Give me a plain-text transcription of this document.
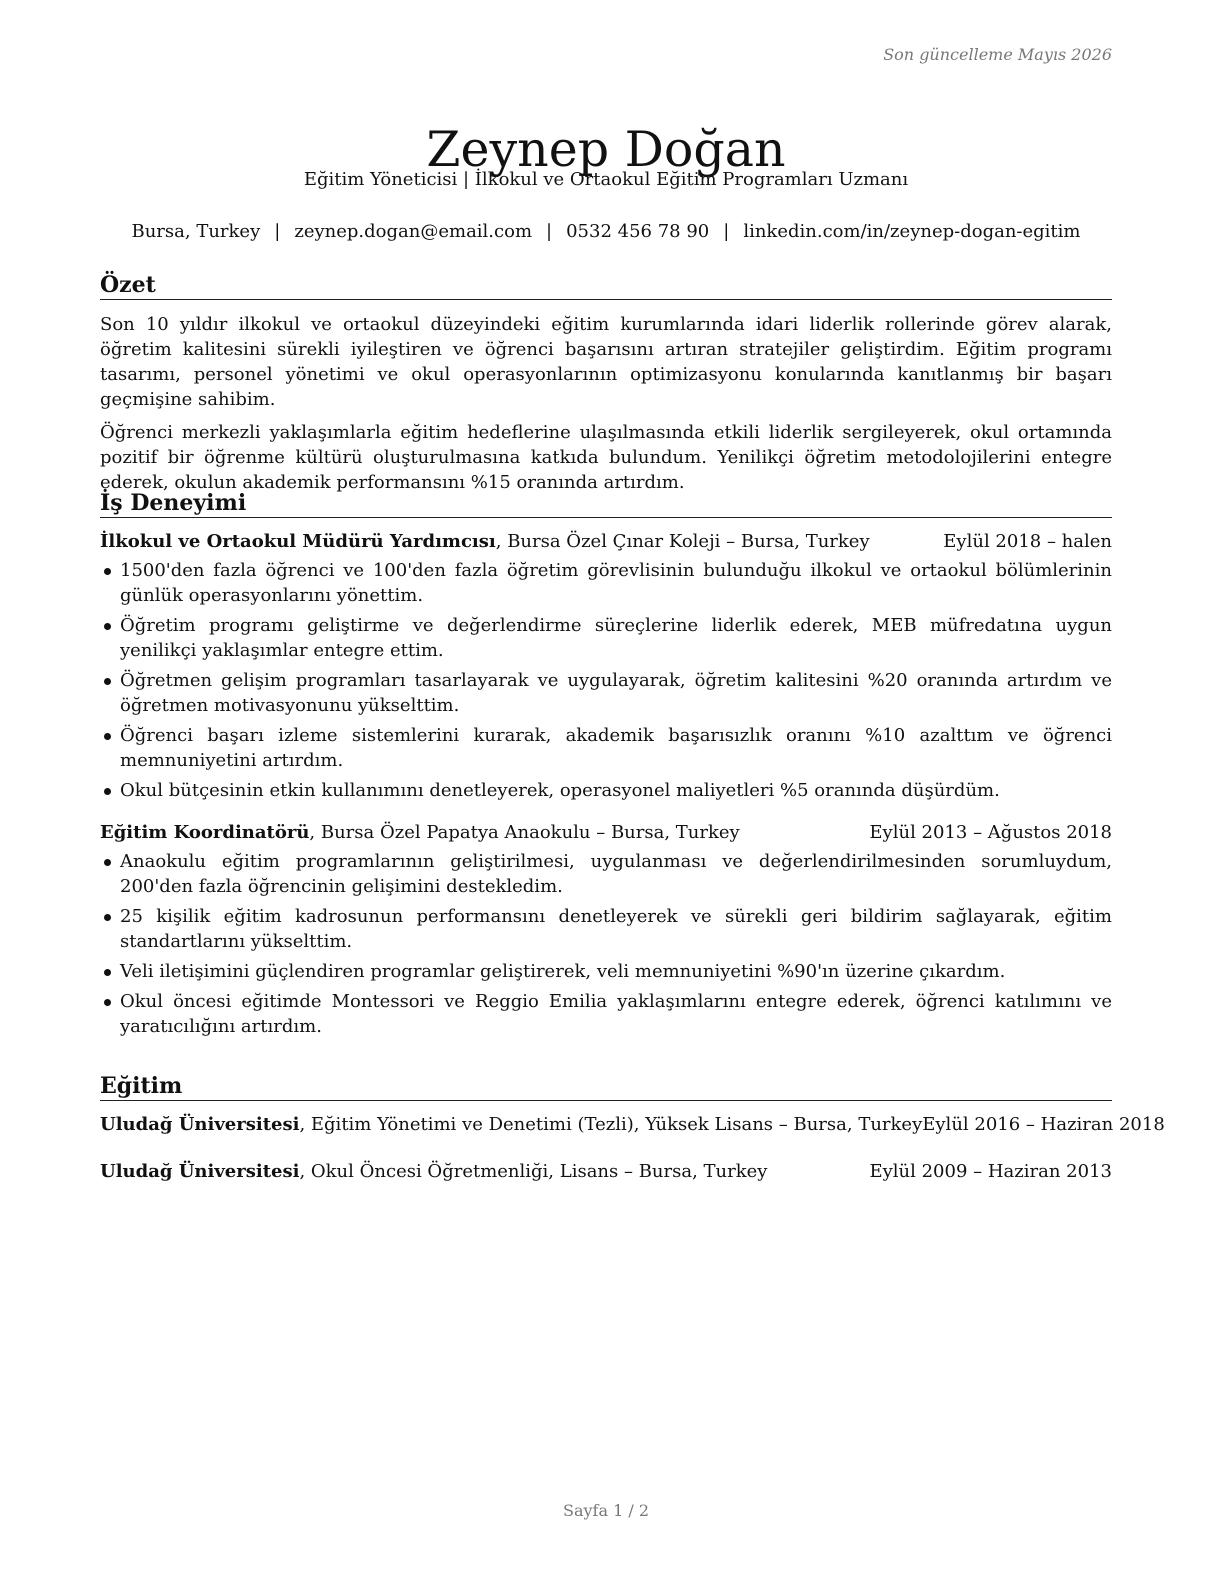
Son güncelleme Mayıs 2026
Zeynep Doğan
Eğitim Yöneticisi | İlkokul ve Ortaokul Eğitim Programları Uzmanı
Bursa, Turkey | zeynep.dogan@email.com | 0532 456 78 90 | linkedin.com/in/zeynep-dogan-egitim
Özet

Son 10 yıldır ilkokul ve ortaokul düzeyindeki eğitim kurumlarında idari liderlik rollerinde görev alarak, öğretim kalitesini sürekli iyileştiren ve öğrenci başarısını artıran stratejiler geliştirdim. Eğitim programı tasarımı, personel yönetimi ve okul operasyonlarının optimizasyonu konularında kanıtlanmış bir başarı geçmişine sahibim.

Öğrenci merkezli yaklaşımlarla eğitim hedeflerine ulaşılmasında etkili liderlik sergileyerek, okul ortamında pozitif bir öğrenme kültürü oluşturulmasına katkıda bulundum. Yenilikçi öğretim metodolojilerini entegre ederek, okulun akademik performansını %15 oranında artırdım.

İş Deneyimi
İlkokul ve Ortaokul Müdürü Yardımcısı, Bursa Özel Çınar Koleji – Bursa, Turkey	Eylül 2018 – halen
1500'den fazla öğrenci ve 100'den fazla öğretim görevlisinin bulunduğu ilkokul ve ortaokul bölümlerinin günlük operasyonlarını yönettim.
Öğretim programı geliştirme ve değerlendirme süreçlerine liderlik ederek, MEB müfredatına uygun yenilikçi yaklaşımlar entegre ettim.
Öğretmen gelişim programları tasarlayarak ve uygulayarak, öğretim kalitesini %20 oranında artırdım ve öğretmen motivasyonunu yükselttim.
Öğrenci başarı izleme sistemlerini kurarak, akademik başarısızlık oranını %10 azalttım ve öğrenci memnuniyetini artırdım.
Okul bütçesinin etkin kullanımını denetleyerek, operasyonel maliyetleri %5 oranında düşürdüm.
Eğitim Koordinatörü, Bursa Özel Papatya Anaokulu – Bursa, Turkey	Eylül 2013 – Ağustos 2018
Anaokulu eğitim programlarının geliştirilmesi, uygulanması ve değerlendirilmesinden sorumluydum, 200'den fazla öğrencinin gelişimini destekledim.
25 kişilik eğitim kadrosunun performansını denetleyerek ve sürekli geri bildirim sağlayarak, eğitim standartlarını yükselttim.
Veli iletişimini güçlendiren programlar geliştirerek, veli memnuniyetini %90'ın üzerine çıkardım.
Okul öncesi eğitimde Montessori ve Reggio Emilia yaklaşımlarını entegre ederek, öğrenci katılımını ve yaratıcılığını artırdım.
Eğitim
Uludağ Üniversitesi, Eğitim Yönetimi ve Denetimi (Tezli), Yüksek Lisans – Bursa, Turkey Eylül 2016 – Haziran 2018
Uludağ Üniversitesi, Okul Öncesi Öğretmenliği, Lisans – Bursa, Turkey	Eylül 2009 – Haziran 2013
Sayfa 1 / 2
